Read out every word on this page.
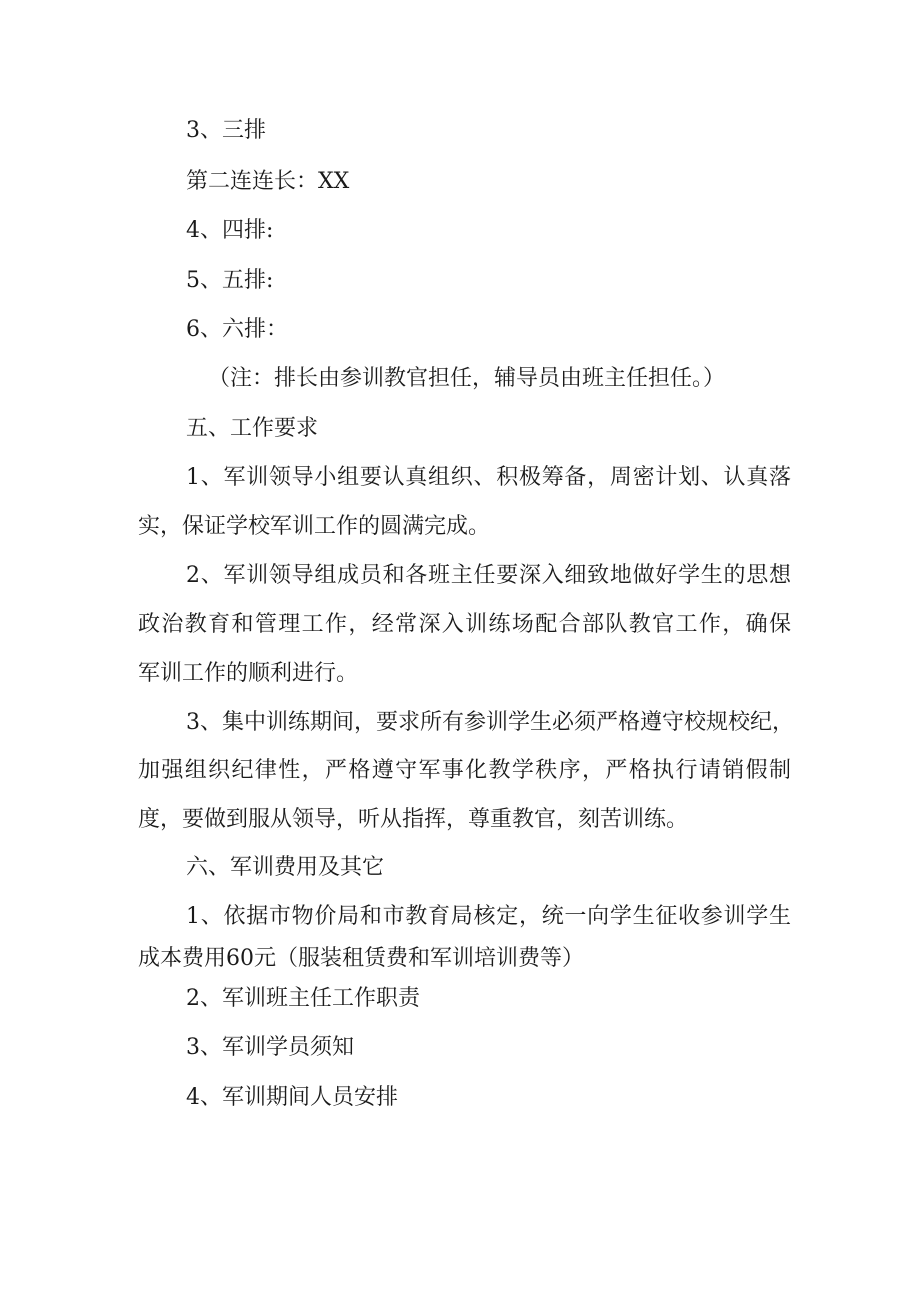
3、三排
第二连连长：XX
4、四排:
5、五排:
6、六排：
（注：排长由参训教官担任，辅导员由班主任担任。）
五、工作要求
1、军训领导小组要认真组织、积极筹备，周密计划、认真落
实，保证学校军训工作的圆满完成。
2、军训领导组成员和各班主任要深入细致地做好学生的思想
政治教育和管理工作，经常深入训练场配合部队教官工作，确保
军训工作的顺利进行。
3、集中训练期间，要求所有参训学生必须严格遵守校规校纪，
加强组织纪律性，严格遵守军事化教学秩序，严格执行请销假制
度，要做到服从领导，听从指挥，尊重教官，刻苦训练。
六、军训费用及其它
1、依据市物价局和市教育局核定，统一向学生征收参训学生
成本费用60元（服装租赁费和军训培训费等）
2、军训班主任工作职责
3、军训学员须知
4、军训期间人员安排
